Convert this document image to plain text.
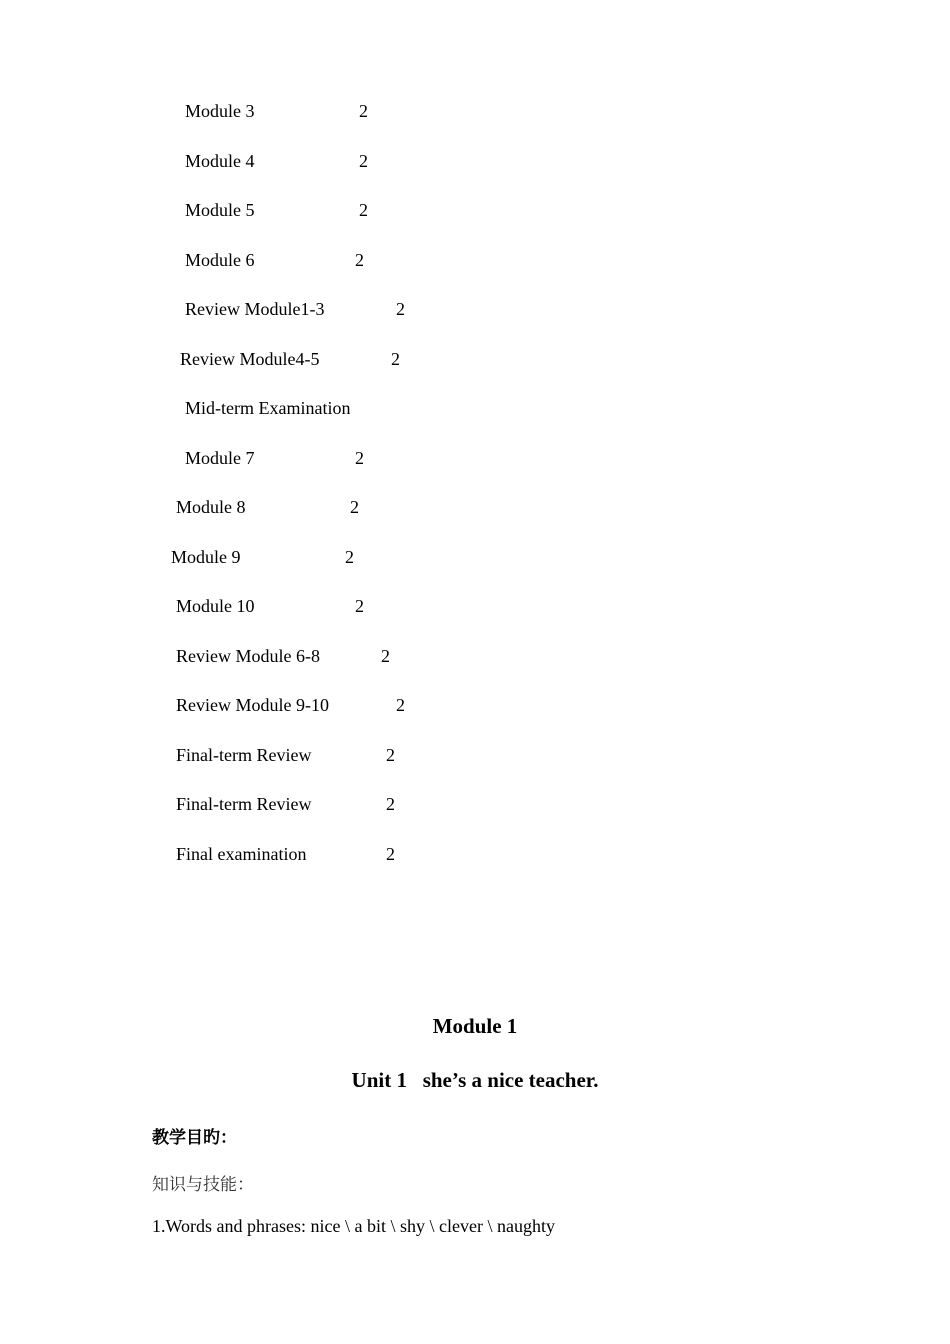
Module 3	2
Module 4	2
Module 5	2
Module 6	2
Review Module1-3	2
Review Module4-5	2
Mid-term Examination
Module 7	2
Module 8	2
Module 9	2
Module 10	2
Review Module 6-8	2
Review Module 9-10	2
Final-term Review	2
Final-term Review	2
Final examination	2
Module 1
Unit 1   she’s a nice teacher.
教学目旳：
知识与技能：
1.Words and phrases: nice \ a bit \ shy \ clever \ naughty
